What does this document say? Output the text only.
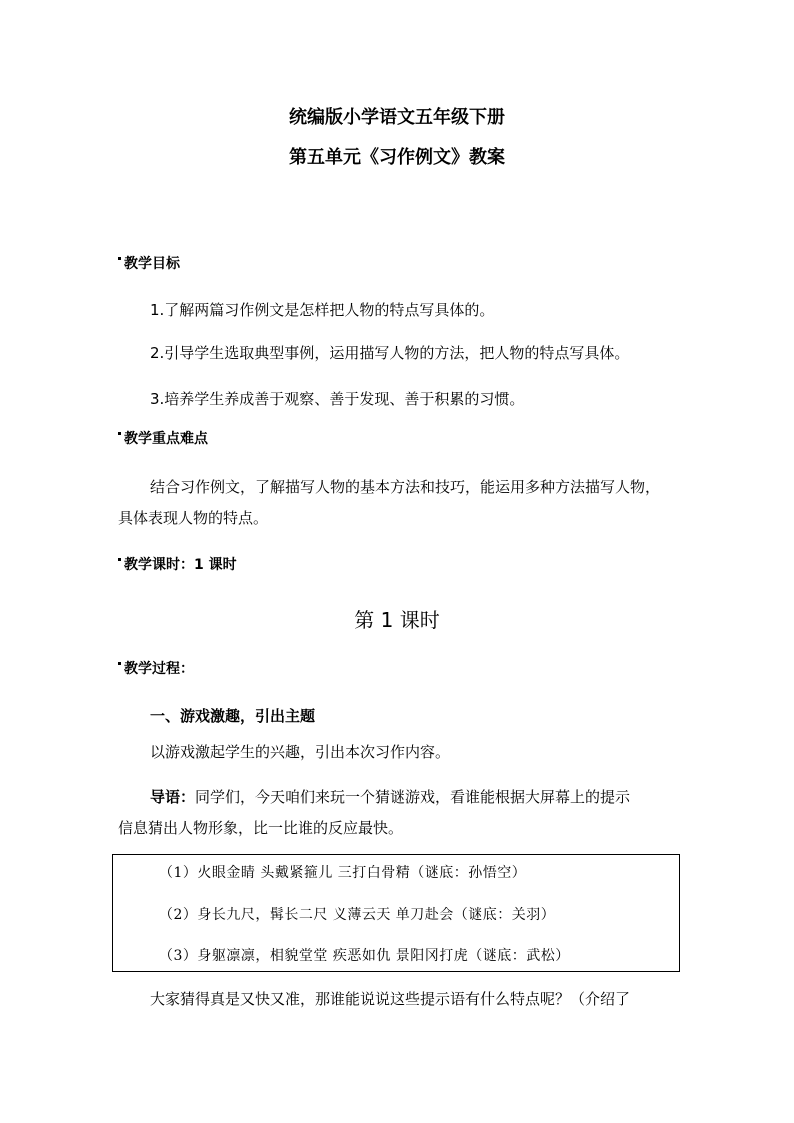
统编版小学语文五年级下册
第五单元《习作例文》教案
教学目标
1.了解两篇习作例文是怎样把人物的特点写具体的。
2.引导学生选取典型事例，运用描写人物的方法，把人物的特点写具体。
3.培养学生养成善于观察、善于发现、善于积累的习惯。
教学重点难点
结合习作例文，了解描写人物的基本方法和技巧，能运用多种方法描写人物，
具体表现人物的特点。
教学课时：1 课时
第 1 课时
教学过程：
一、游戏激趣，引出主题
以游戏激起学生的兴趣，引出本次习作内容。
导语：同学们，今天咱们来玩一个猜谜游戏，看谁能根据大屏幕上的提示
信息猜出人物形象，比一比谁的反应最快。
（1）火眼金睛 头戴紧箍儿 三打白骨精（谜底：孙悟空）
（2）身长九尺，髯长二尺 义薄云天 单刀赴会（谜底：关羽）
（3）身躯凛凛，相貌堂堂 疾恶如仇 景阳冈打虎（谜底：武松）
大家猜得真是又快又准，那谁能说说这些提示语有什么特点呢？（介绍了
